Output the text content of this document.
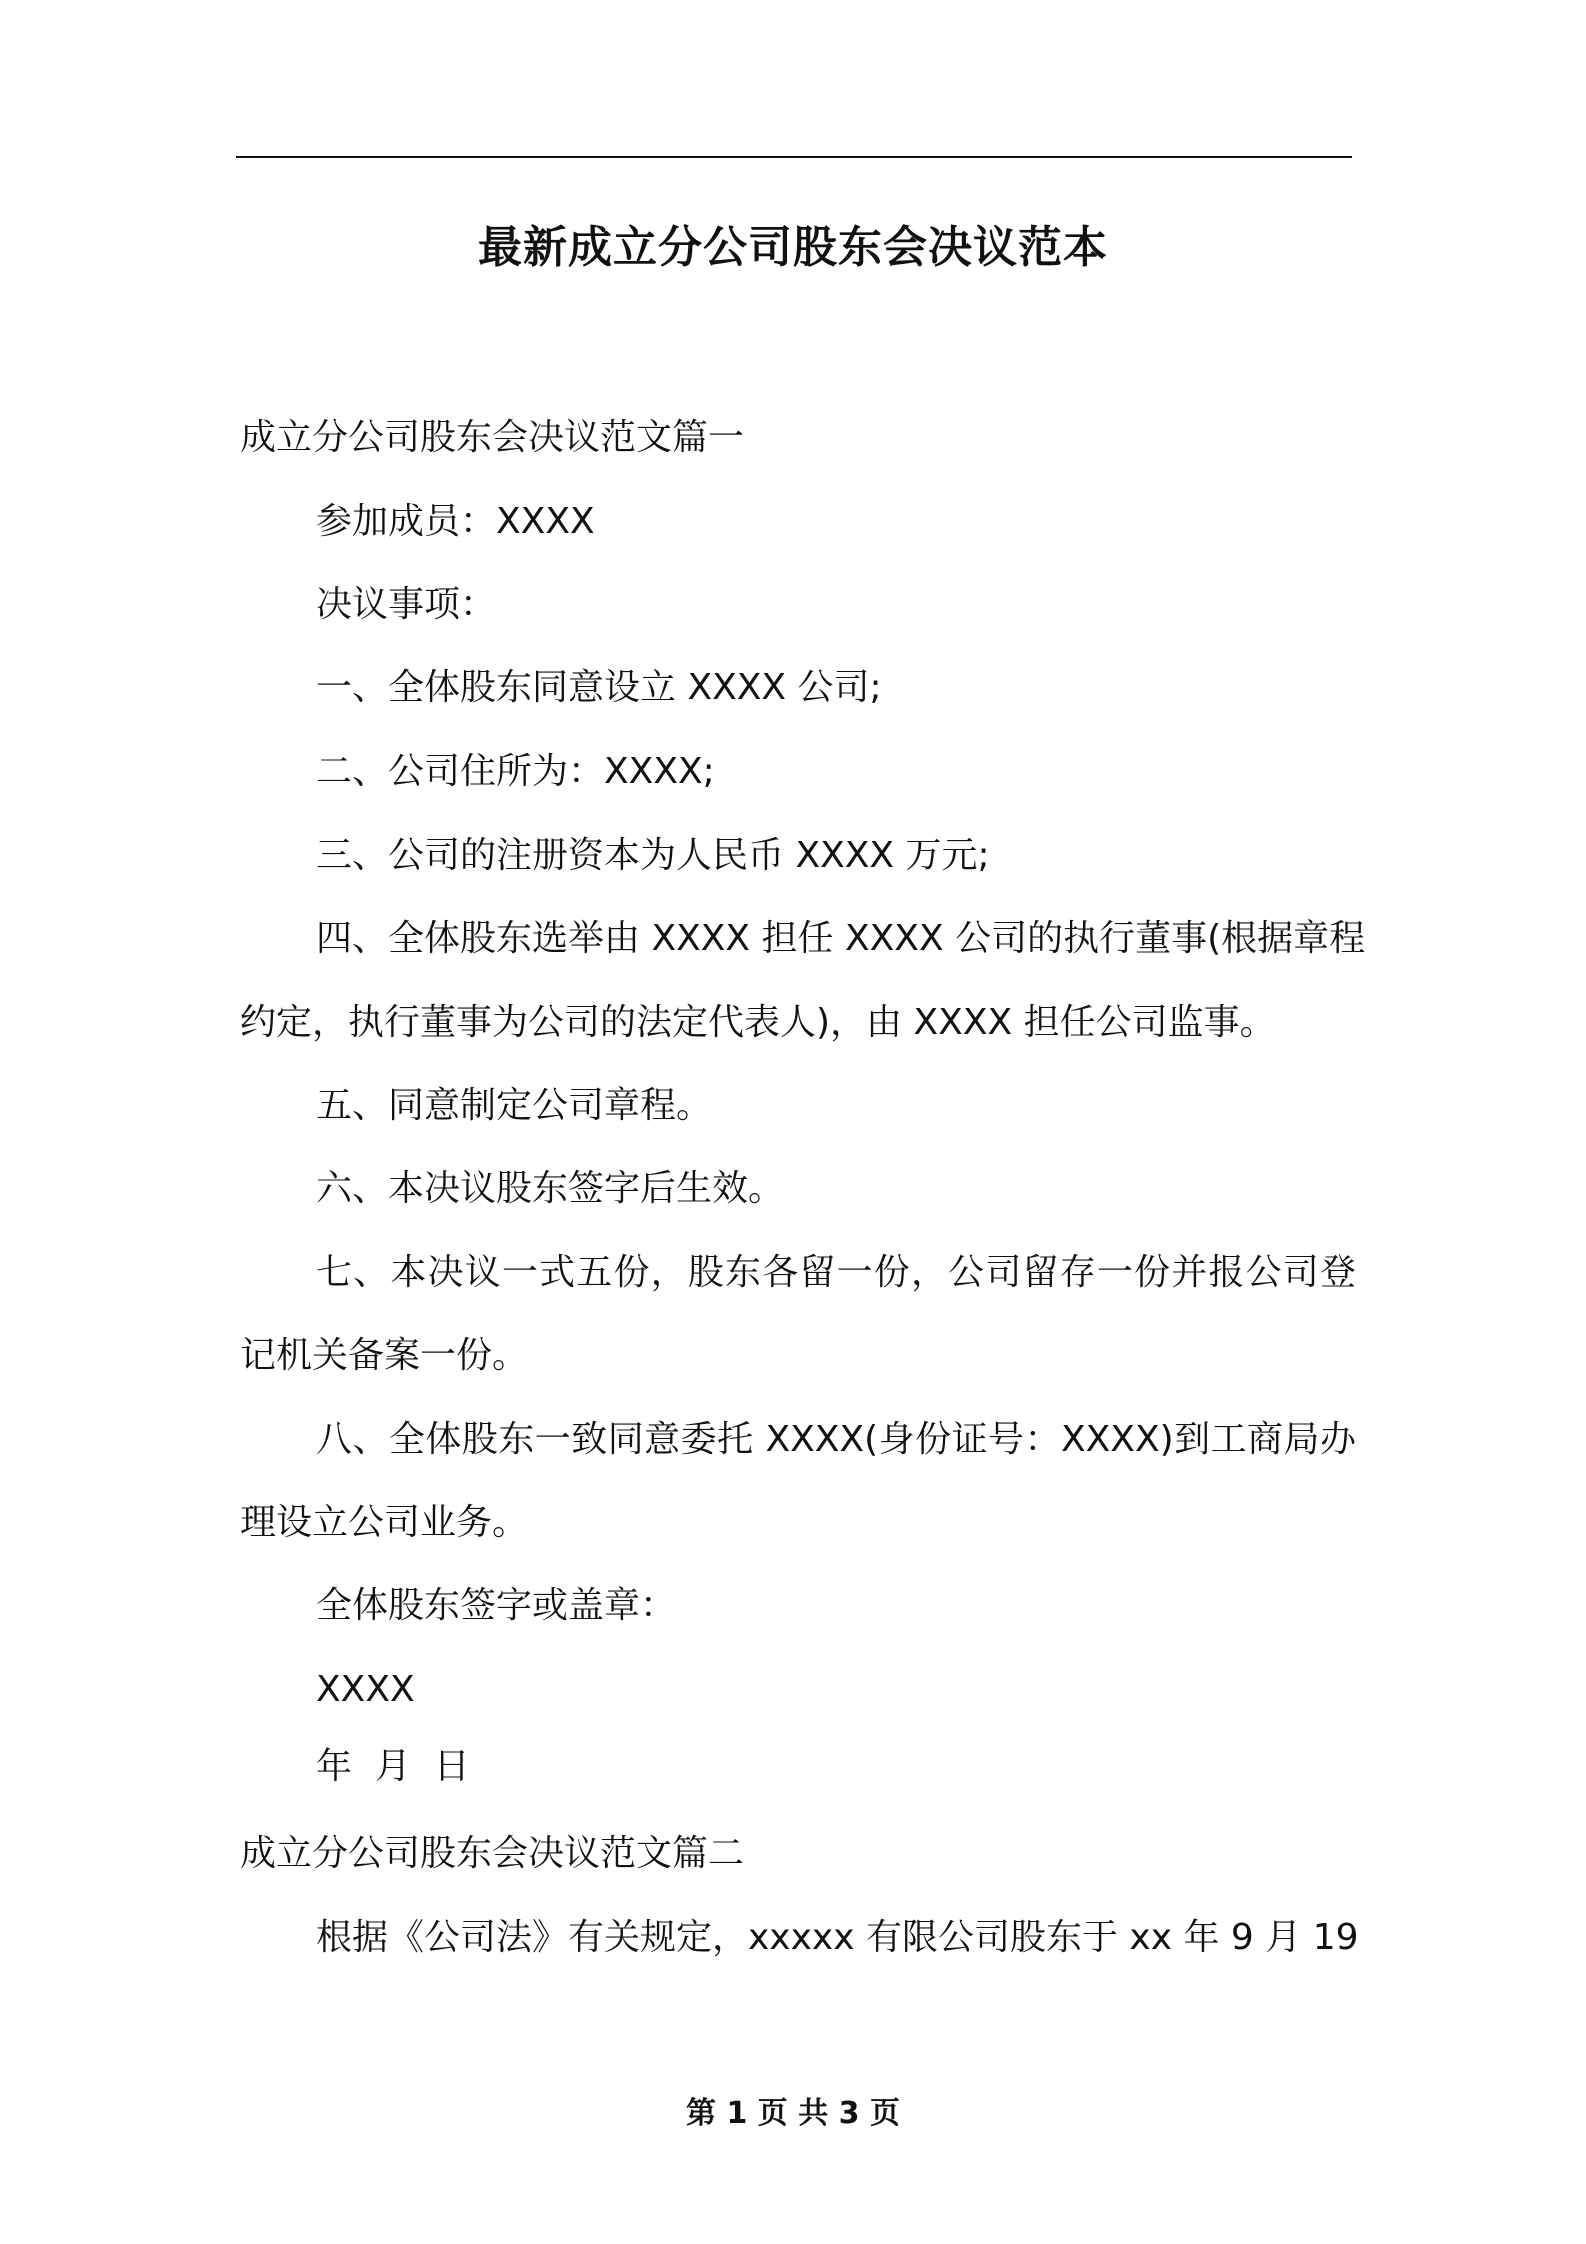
最新成立分公司股东会决议范本
成立分公司股东会决议范文篇一
参加成员：XXXX
决议事项：
一、全体股东同意设立 XXXX 公司;
二、公司住所为：XXXX;
三、公司的注册资本为人民币 XXXX 万元;
四、全体股东选举由 XXXX 担任 XXXX 公司的执行董事(根据章程
约定，执行董事为公司的法定代表人)，由 XXXX 担任公司监事。
五、同意制定公司章程。
六、本决议股东签字后生效。
七、本决议一式五份，股东各留一份，公司留存一份并报公司登
记机关备案一份。
八、全体股东一致同意委托 XXXX(身份证号：XXXX)到工商局办
理设立公司业务。
全体股东签字或盖章：
XXXX
年  月  日
成立分公司股东会决议范文篇二
根据《公司法》有关规定，xxxxx 有限公司股东于 xx 年 9 月 19
第 1 页 共 3 页
